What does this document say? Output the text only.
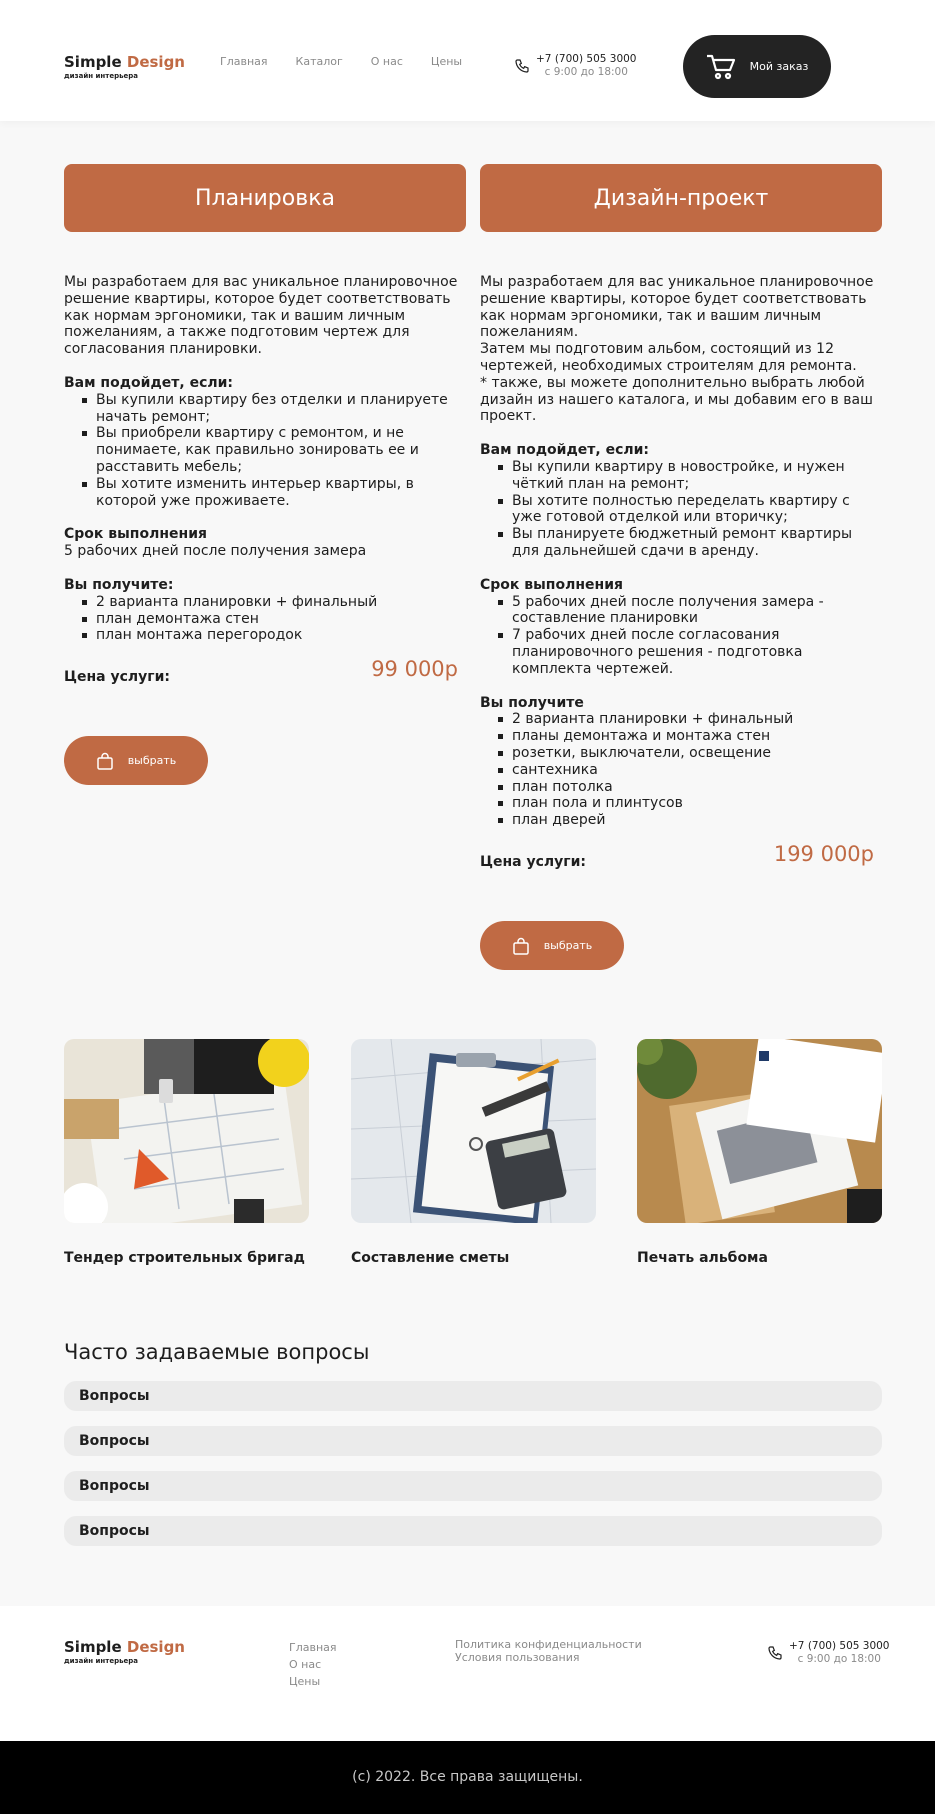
Simple Design
дизайн интерьера
Главная	Каталог	О нас	Цены	+7 (700) 505 3000
с 9:00 до 18:00	Мой заказ
Планировка	Дизайн-проект

Мы разработаем для вас уникальное планировочное решение квартиры, которое будет соответствовать как нормам эргономики, так и вашим личным пожеланиям, а также подготовим чертеж для согласования планировки.

Вам подойдет, если:

Вы купили квартиру без отделки и планируете начать ремонт;
Вы приобрели квартиру с ремонтом, и не понимаете, как правильно зонировать ее и расставить мебель;
Вы хотите изменить интерьер квартиры, в которой уже проживаете.

Срок выполнения

5 рабочих дней после получения замера

Вы получите:

2 варианта планировки + финальный
план демонтажа стен
план монтажа перегородок
Цена услуги:	99 000р
выбрать

Мы разработаем для вас уникальное планировочное решение квартиры, которое будет соответствовать как нормам эргономики, так и вашим личным пожеланиям.

Затем мы подготовим альбом, состоящий из 12 чертежей, необходимых строителям для ремонта.

* также, вы можете дополнительно выбрать любой дизайн из нашего каталога, и мы добавим его в ваш проект.

Вам подойдет, если:

Вы купили квартиру в новостройке, и нужен чёткий план на ремонт;
Вы хотите полностью переделать квартиру с уже готовой отделкой или вторичку;
Вы планируете бюджетный ремонт квартиры для дальнейшей сдачи в аренду.

Срок выполнения

5 рабочих дней после получения замера - составление планировки
7 рабочих дней после согласования планировочного решения - подготовка комплекта чертежей.

Вы получите

2 варианта планировки + финальный
планы демонтажа и монтажа стен
розетки, выключатели, освещение
сантехника
план потолка
план пола и плинтусов
план дверей
Цена услуги:	199 000р
выбрать
Тендер строительных бригад	Составление сметы	Печать альбома
Часто задаваемые вопросы
Вопросы
Вопросы
Вопросы
Вопросы
Simple Design
дизайн интерьера
Главная
О нас
Цены
Политика конфиденциальности
Условия пользования
+7 (700) 505 3000
с 9:00 до 18:00
(с) 2022. Все права защищены.
